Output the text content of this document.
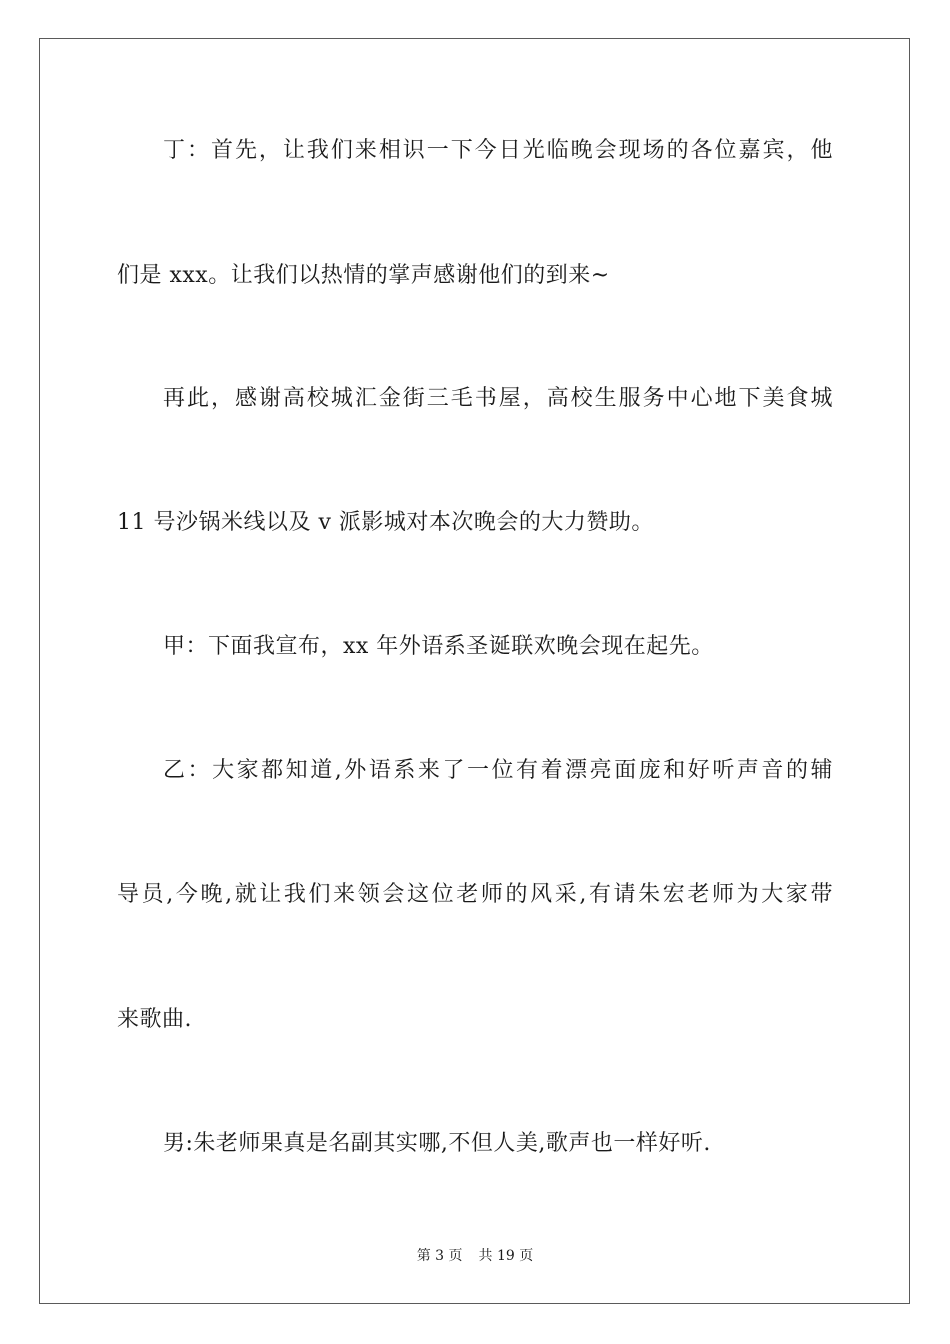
丁：首先，让我们来相识一下今日光临晚会现场的各位嘉宾，他
们是 xxx。让我们以热情的掌声感谢他们的到来~
再此，感谢高校城汇金街三毛书屋，高校生服务中心地下美食城
11 号沙锅米线以及 v 派影城对本次晚会的大力赞助。
甲：下面我宣布，xx 年外语系圣诞联欢晚会现在起先。
乙：大家都知道,外语系来了一位有着漂亮面庞和好听声音的辅
导员,今晚,就让我们来领会这位老师的风采,有请朱宏老师为大家带
来歌曲.
男:朱老师果真是名副其实哪,不但人美,歌声也一样好听.
第 3 页 共 19 页
